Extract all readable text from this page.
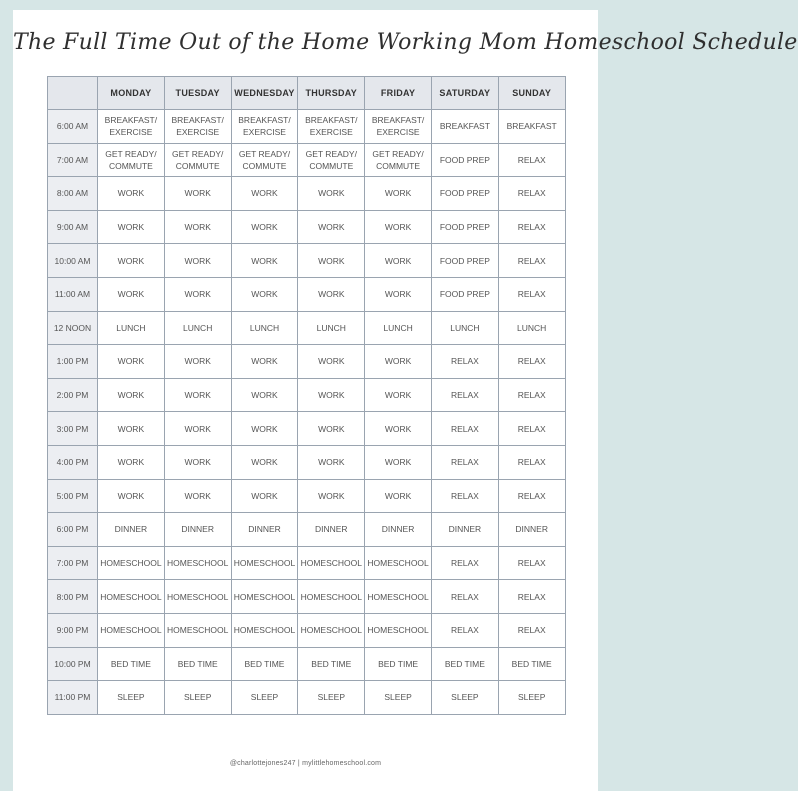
The Full Time Out of the Home Working Mom Homeschool Schedule
	MONDAY	TUESDAY	WEDNESDAY	THURSDAY	FRIDAY	SATURDAY	SUNDAY
6:00 AM	BREAKFAST/ EXERCISE	BREAKFAST/ EXERCISE	BREAKFAST/ EXERCISE	BREAKFAST/ EXERCISE	BREAKFAST/ EXERCISE	BREAKFAST	BREAKFAST
7:00 AM	GET READY/ COMMUTE	GET READY/ COMMUTE	GET READY/ COMMUTE	GET READY/ COMMUTE	GET READY/ COMMUTE	FOOD PREP	RELAX
8:00 AM	WORK	WORK	WORK	WORK	WORK	FOOD PREP	RELAX
9:00 AM	WORK	WORK	WORK	WORK	WORK	FOOD PREP	RELAX
10:00 AM	WORK	WORK	WORK	WORK	WORK	FOOD PREP	RELAX
11:00 AM	WORK	WORK	WORK	WORK	WORK	FOOD PREP	RELAX
12 NOON	LUNCH	LUNCH	LUNCH	LUNCH	LUNCH	LUNCH	LUNCH
1:00 PM	WORK	WORK	WORK	WORK	WORK	RELAX	RELAX
2:00 PM	WORK	WORK	WORK	WORK	WORK	RELAX	RELAX
3:00 PM	WORK	WORK	WORK	WORK	WORK	RELAX	RELAX
4:00 PM	WORK	WORK	WORK	WORK	WORK	RELAX	RELAX
5:00 PM	WORK	WORK	WORK	WORK	WORK	RELAX	RELAX
6:00 PM	DINNER	DINNER	DINNER	DINNER	DINNER	DINNER	DINNER
7:00 PM	HOMESCHOOL	HOMESCHOOL	HOMESCHOOL	HOMESCHOOL	HOMESCHOOL	RELAX	RELAX
8:00 PM	HOMESCHOOL	HOMESCHOOL	HOMESCHOOL	HOMESCHOOL	HOMESCHOOL	RELAX	RELAX
9:00 PM	HOMESCHOOL	HOMESCHOOL	HOMESCHOOL	HOMESCHOOL	HOMESCHOOL	RELAX	RELAX
10:00 PM	BED TIME	BED TIME	BED TIME	BED TIME	BED TIME	BED TIME	BED TIME
11:00 PM	SLEEP	SLEEP	SLEEP	SLEEP	SLEEP	SLEEP	SLEEP
@charlottejones247 | mylittlehomeschool.com
